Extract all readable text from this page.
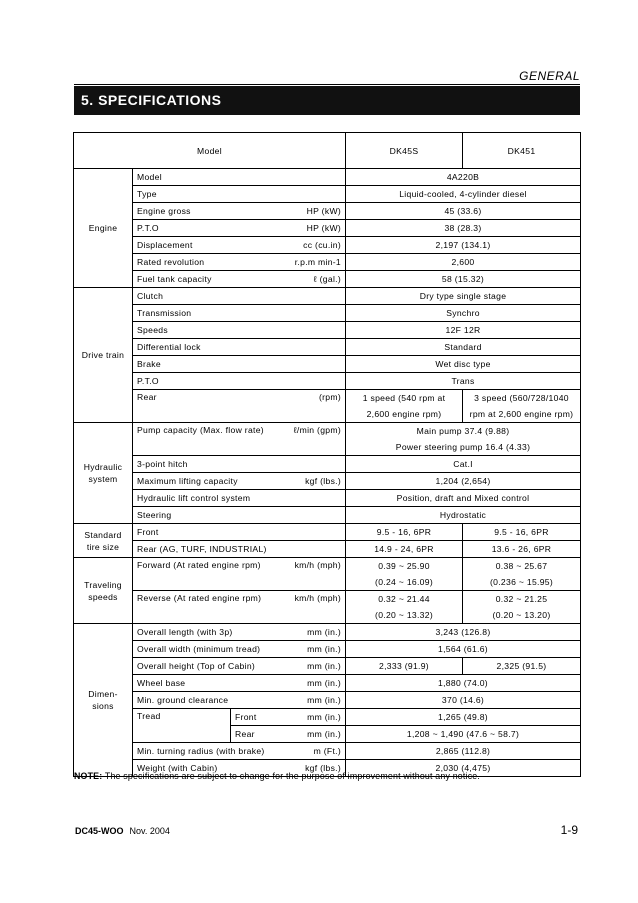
GENERAL
5. SPECIFICATIONS
Model			DK45S	DK451
Engine	Model		4A220B	
	Type		Liquid-cooled, 4-cylinder diesel	

	Engine gross HP (kW)		45 (33.6)	

	P.T.O HP (kW)		38 (28.3)	

	Displacement cc (cu.in)		2,197 (134.1)	

	Rated revolution r.p.m min-1		2,600	

	Fuel tank capacity ℓ (gal.)		58 (15.32)	
Drive train	Clutch		Dry type single stage	
	Transmission		Synchro	
	Speeds		12F 12R	
	Differential lock		Standard	
	Brake		Wet disc type	
	P.T.O		Trans	

	Rear (rpm)		1 speed (540 rpm at	3 speed (560/728/1040
			2,600 engine rpm)	rpm at 2,600 engine rpm)
Hydraulic system	Pump capacity (Max. flow rate) ℓ/min (gpm)		Main pump 37.4 (9.88)	
			Power steering pump 16.4 (4.33)	
	3-point hitch		Cat.I	

	Maximum lifting capacity kgf (lbs.)		1,204 (2,654)	
	Hydraulic lift control system		Position, draft and Mixed control	
	Steering		Hydrostatic	
Standard tire size	Front		9.5 - 16, 6PR	9.5 - 16, 6PR
	Rear (AG, TURF, INDUSTRIAL)		14.9 - 24, 6PR	13.6 - 26, 6PR
Traveling speeds	Forward (At rated engine rpm) km/h (mph)		0.39 ~ 25.90	0.38 ~ 25.67
			(0.24 ~ 16.09)	(0.236 ~ 15.95)

	Reverse (At rated engine rpm) km/h (mph)		0.32 ~ 21.44	0.32 ~ 21.25
			(0.20 ~ 13.32)	(0.20 ~ 13.20)
Dimen-sions	Overall length (with 3p) mm (in.)		3,243 (126.8)	

	Overall width (minimum tread) mm (in.)		1,564 (61.6)	

	Overall height (Top of Cabin) mm (in.)		2,333 (91.9)	2,325 (91.5)

	Wheel base mm (in.)		1,880 (74.0)	

	Min. ground clearance mm (in.)		370 (14.6)	
	Tread	Front mm (in.)	1,265 (49.8)	

		Rear mm (in.)	1,208 ~ 1,490 (47.6 ~ 58.7)	

	Min. turning radius (with brake) m (Ft.)		2,865 (112.8)	

	Weight (with Cabin) kgf (lbs.)		2,030 (4,475)	
NOTE: The specifications are subject to change for the purpose of improvement without any notice.
DC45-WOO Nov. 2004	1-9
